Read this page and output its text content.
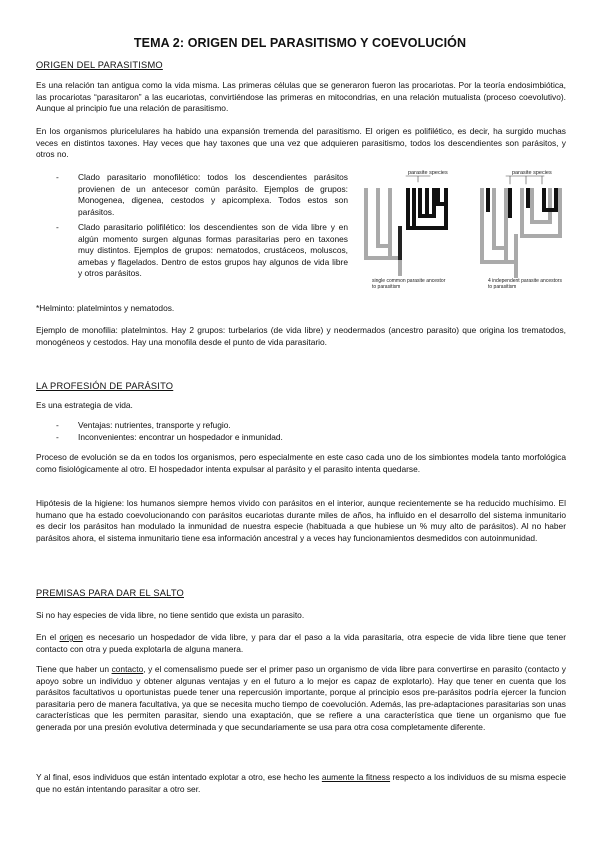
TEMA 2: ORIGEN DEL PARASITISMO Y COEVOLUCIÓN
ORIGEN DEL PARASITISMO

Es una relación tan antigua como la vida misma. Las primeras células que se generaron fueron las procariotas. Por la teoría endosimbiótica, las procariotas “parasitaron” a las eucariotas, convirtiéndose las primeras en mitocondrias, en una relación mutualista (proceso coevolutivo). Aunque al principio fue una relación de parasitismo.

En los organismos pluricelulares ha habido una expansión tremenda del parasitismo. El origen es polifilético, es decir, ha surgido muchas veces en distintos taxones. Hay veces que hay taxones que una vez que adquieren parasitismo, todos los descendientes son parásitos, y otros no.

- Clado parasitario monofilético: todos los descendientes parásitos provienen de un antecesor común parásito. Ejemplos de grupos: Monogenea, digenea, cestodos y apicomplexa. Todos estos son parásitos.

- Clado parasitario polifilético: los descendientes son de vida libre y en algún momento surgen algunas formas parasitarias pero en taxones muy distintos. Ejemplos de grupos: nematodos, crustáceos, moluscos, amebas y flagelados. Dentro de estos grupos hay algunos de vida libre y otros parásitos.

parasite species
single common parasite ancestor
to parasitism
parasite species
4 independent parasite ancestors
to parasitism

*Helminto: platelmintos y nematodos.

Ejemplo de monofilia: platelmintos. Hay 2 grupos: turbelarios (de vida libre) y neodermados (ancestro parasito) que origina los trematodos, monogéneos y cestodos. Hay una monofila desde el punto de vida parasitario.

LA PROFESIÓN DE PARÁSITO

Es una estrategia de vida.

- Ventajas: nutrientes, transporte y refugio.
- Inconvenientes: encontrar un hospedador e inmunidad.

Proceso de evolución se da en todos los organismos, pero especialmente en este caso cada uno de los simbiontes modela tanto morfológica como fisiológicamente al otro. El hospedador intenta expulsar al parásito y el parasito intenta quedarse.

Hipótesis de la higiene: los humanos siempre hemos vivido con parásitos en el interior, aunque recientemente se ha reducido muchísimo. El humano que ha estado coevolucionando con parásitos eucariotas durante miles de años, ha influido en el desarrollo del sistema inmunitario es decir los parásitos han modulado la inmunidad de nuestra especie (habituada a que hubiese un % muy alto de parásitos). Al no haber parásitos ahora, el sistema inmunitario tiene esa información ancestral y a veces hay funcionamientos desmedidos con autoinmunidad.

PREMISAS PARA DAR EL SALTO

Si no hay especies de vida libre, no tiene sentido que exista un parasito.

En el origen es necesario un hospedador de vida libre, y para dar el paso a la vida parasitaria, otra especie de vida libre tiene que tener contacto con otra y pueda explotarla de alguna manera.

Tiene que haber un contacto, y el comensalismo puede ser el primer paso un organismo de vida libre para convertirse en parasito (contacto y apoyo sobre un individuo y obtener algunas ventajas y en el futuro a lo mejor es capaz de explotarlo). Hay que tener en cuenta que los parásitos facultativos u oportunistas puede tener una repercusión importante, porque al principio esos pre-parásitos podría ejercer la funcion parasitaria pero de manera facultativa, ya que se necesita mucho tiempo de coevolución. Además, las pre-adaptaciones parasitarias son unas características que les permiten parasitar, siendo una exaptación, que se refiere a una característica que tiene un organismo que fue generada por una presión evolutiva determinada y que secundariamente se usa para otra cosa completamente diferente.

Y al final, esos individuos que están intentado explotar a otro, ese hecho les aumente la fitness respecto a los individuos de su misma especie que no están intentando parasitar a otro ser.
